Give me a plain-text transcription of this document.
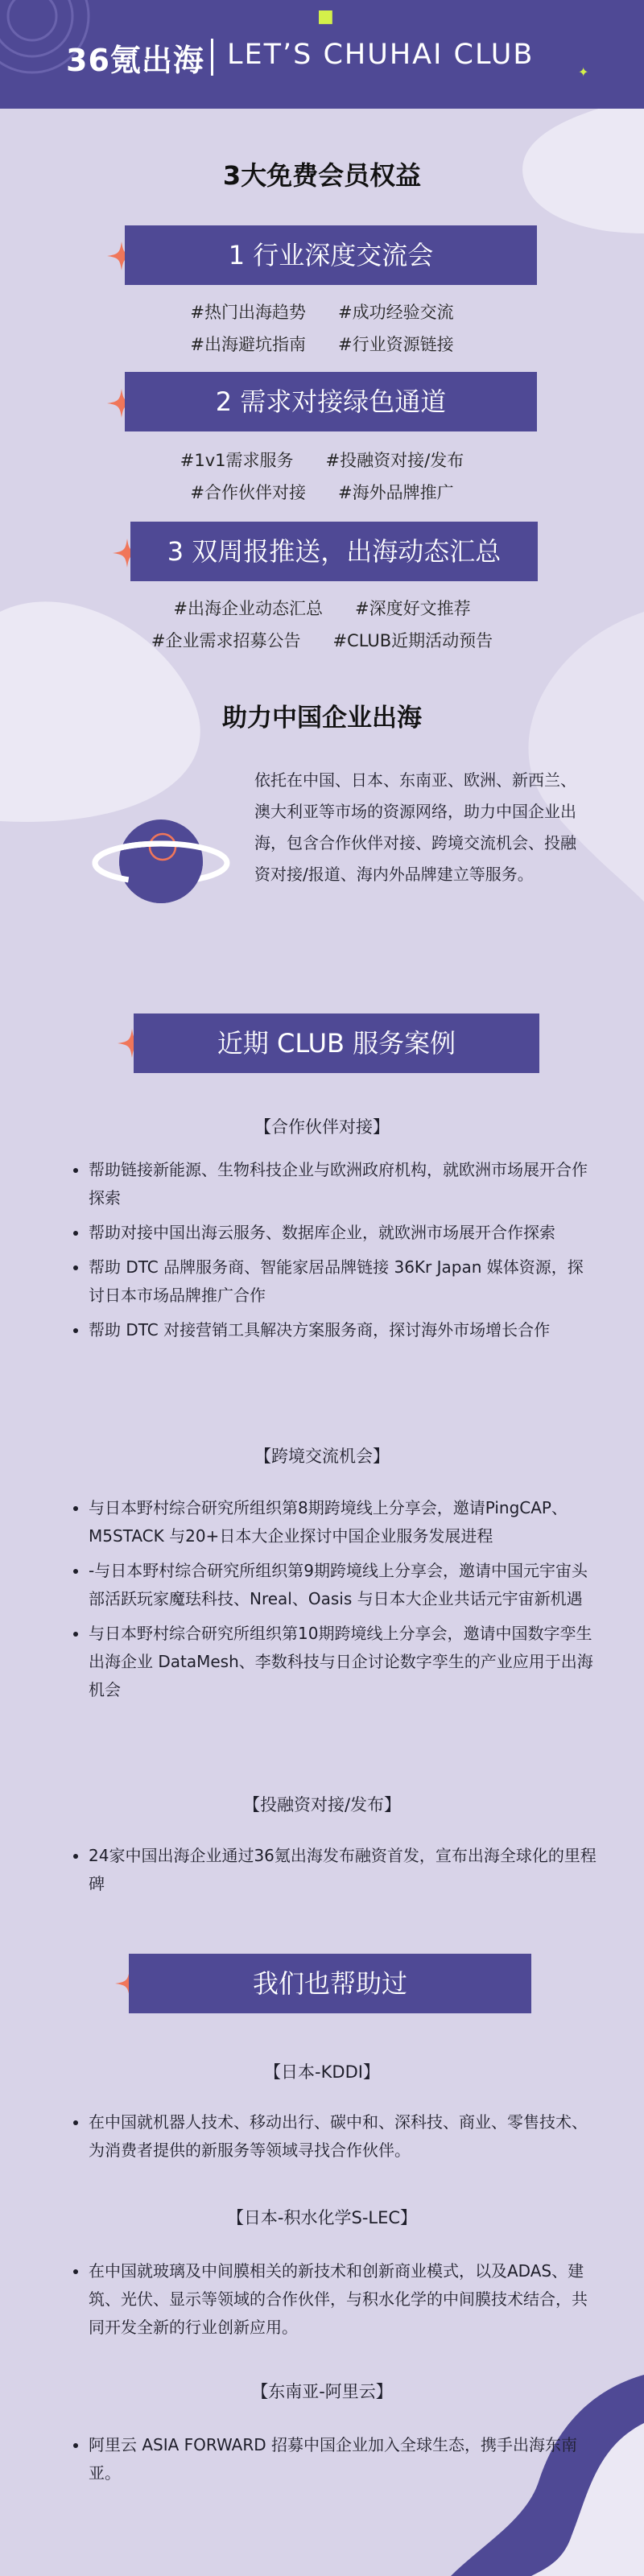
■
✦
36氪出海 LET’S CHUHAI CLUB
3大免费会员权益
1 行业深度交流会
#热门出海趋势 #成功经验交流
#出海避坑指南 #行业资源链接
2 需求对接绿色通道
#1v1需求服务 #投融资对接/发布
#合作伙伴对接 #海外品牌推广
3 双周报推送，出海动态汇总
#出海企业动态汇总 #深度好文推荐
#企业需求招募公告 #CLUB近期活动预告
助力中国企业出海
依托在中国、日本、东南亚、欧洲、新西兰、澳大利亚等市场的资源网络，助力中国企业出海，包含合作伙伴对接、跨境交流机会、投融资对接/报道、海内外品牌建立等服务。
近期 CLUB 服务案例
【合作伙伴对接】
• 帮助链接新能源、生物科技企业与欧洲政府机构，就欧洲市场展开合作探索
• 帮助对接中国出海云服务、数据库企业，就欧洲市场展开合作探索
• 帮助 DTC 品牌服务商、智能家居品牌链接 36Kr Japan 媒体资源，探讨日本市场品牌推广合作
• 帮助 DTC 对接营销工具解决方案服务商，探讨海外市场增长合作
【跨境交流机会】
• 与日本野村综合研究所组织第8期跨境线上分享会，邀请PingCAP、M5STACK 与20+日本大企业探讨中国企业服务发展进程
• -与日本野村综合研究所组织第9期跨境线上分享会，邀请中国元宇宙头部活跃玩家魔珐科技、Nreal、Oasis 与日本大企业共话元宇宙新机遇
• 与日本野村综合研究所组织第10期跨境线上分享会，邀请中国数字孪生出海企业 DataMesh、李数科技与日企讨论数字孪生的产业应用于出海机会
【投融资对接/发布】
• 24家中国出海企业通过36氪出海发布融资首发，宣布出海全球化的里程碑
我们也帮助过
【日本-KDDI】
• 在中国就机器人技术、移动出行、碳中和、深科技、商业、零售技术、为消费者提供的新服务等领域寻找合作伙伴。
【日本-积水化学S-LEC】
• 在中国就玻璃及中间膜相关的新技术和创新商业模式，以及ADAS、建筑、光伏、显示等领域的合作伙伴，与积水化学的中间膜技术结合，共同开发全新的行业创新应用。
【东南亚-阿里云】
• 阿里云 ASIA FORWARD 招募中国企业加入全球生态，携手出海东南亚。
